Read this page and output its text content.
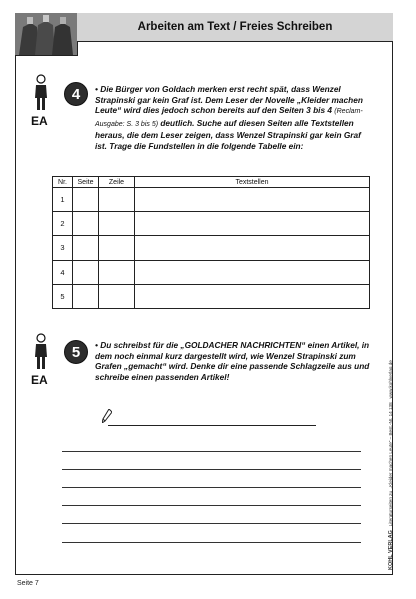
Arbeiten am Text / Freies Schreiben
EA
4 • Die Bürger von Goldach merken erst recht spät, dass Wenzel Strapinski gar kein Graf ist. Dem Leser der Novelle „Kleider machen Leute“ wird dies jedoch schon bereits auf den Seiten 3 bis 4 (Reclam-Ausgabe: S. 3 bis 5) deutlich. Suche auf diesen Seiten alle Textstellen heraus, die dem Leser zeigen, dass Wenzel Strapinski gar kein Graf ist. Trage die Fundstellen in die folgende Tabelle ein:
Nr.	Seite	Zeile	Textstellen
1			
2			
3			
4			
5			
EA
5 • Du schreibst für die „GOLDACHER NACHRICHTEN“ einen Artikel, in dem noch einmal kurz dargestellt wird, wie Wenzel Strapinski zum Grafen „gemacht“ wird. Denke dir eine passende Schlagzeile aus und schreibe einen passenden Artikel!
KOHL VERLAG   Literaturseiten zu  „Kleider machen Leute“ – Best.-Nr. 14 138   www.kohlverlag.de
Seite 7
